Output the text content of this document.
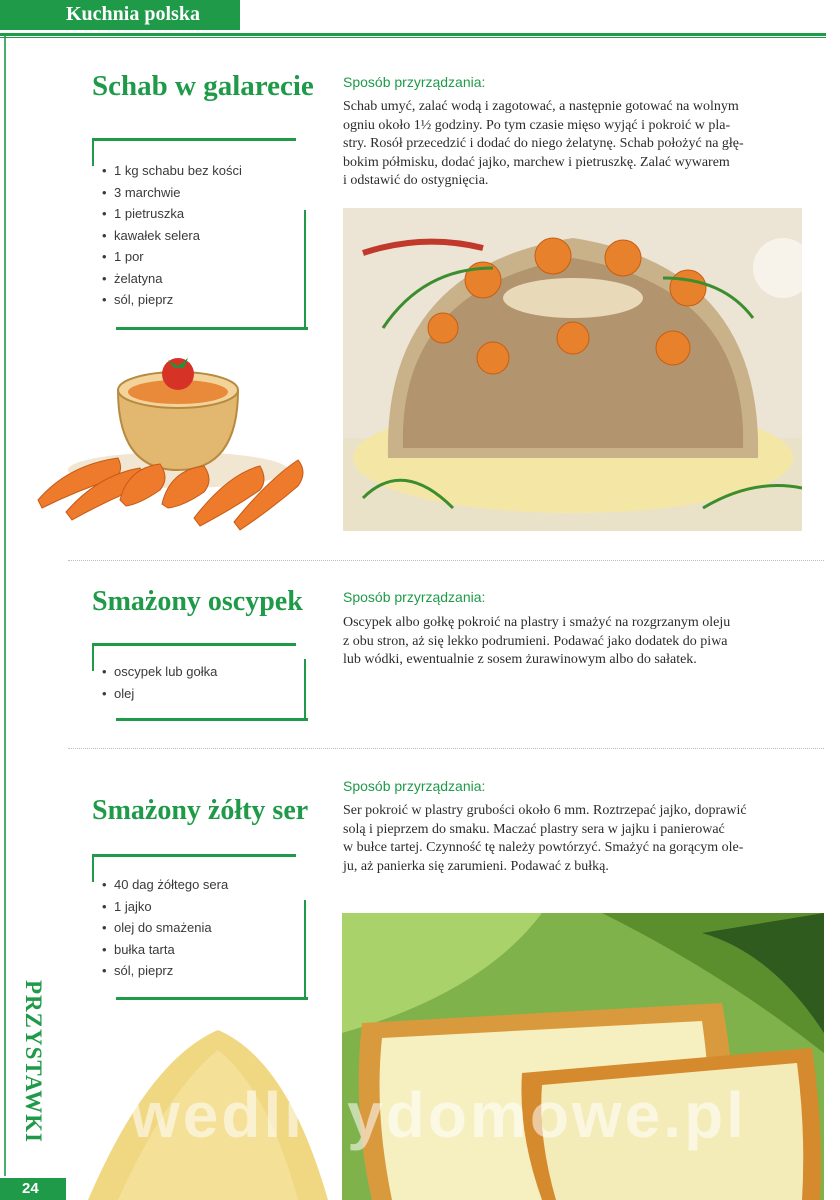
Kuchnia polska
Schab w galarecie Sposób przyrządzania:
Schab umyć, zalać wodą i zagotować, a następnie gotować na wolnym
ogniu około 1½ godziny. Po tym czasie mięso wyjąć i pokroić w pla-
stry. Rosół przecedzić i dodać do niego żelatynę. Schab położyć na głę-
bokim półmisku, dodać jajko, marchew i pietruszkę. Zalać wywarem
i odstawić do ostygnięcia.
• 1 kg schabu bez kości
• 3 marchwie
• 1 pietruszka
• kawałek selera
• 1 por
• żelatyna
• sól, pieprz
Smażony oscypek	Sposób przyrządzania:
Oscypek albo gołkę pokroić na plastry i smażyć na rozgrzanym oleju
z obu stron, aż się lekko podrumieni. Podawać jako dodatek do piwa
lub wódki, ewentualnie z sosem żurawinowym albo do sałatek.
• oscypek lub gołka
• olej
Sposób przyrządzania:
Smażony żółty ser Ser pokroić w plastry grubości około 6 mm. Roztrzepać jajko, doprawić
solą i pieprzem do smaku. Maczać plastry sera w jajku i panierować
w bułce tartej. Czynność tę należy powtórzyć. Smażyć na gorącym ole-
ju, aż panierka się zarumieni. Podawać z bułką.
• 40 dag żółtego sera
• 1 jajko
• olej do smażenia
• bułka tarta
• sól, pieprz
wedlinydomowe.pl
PRZYSTAWKI
24
